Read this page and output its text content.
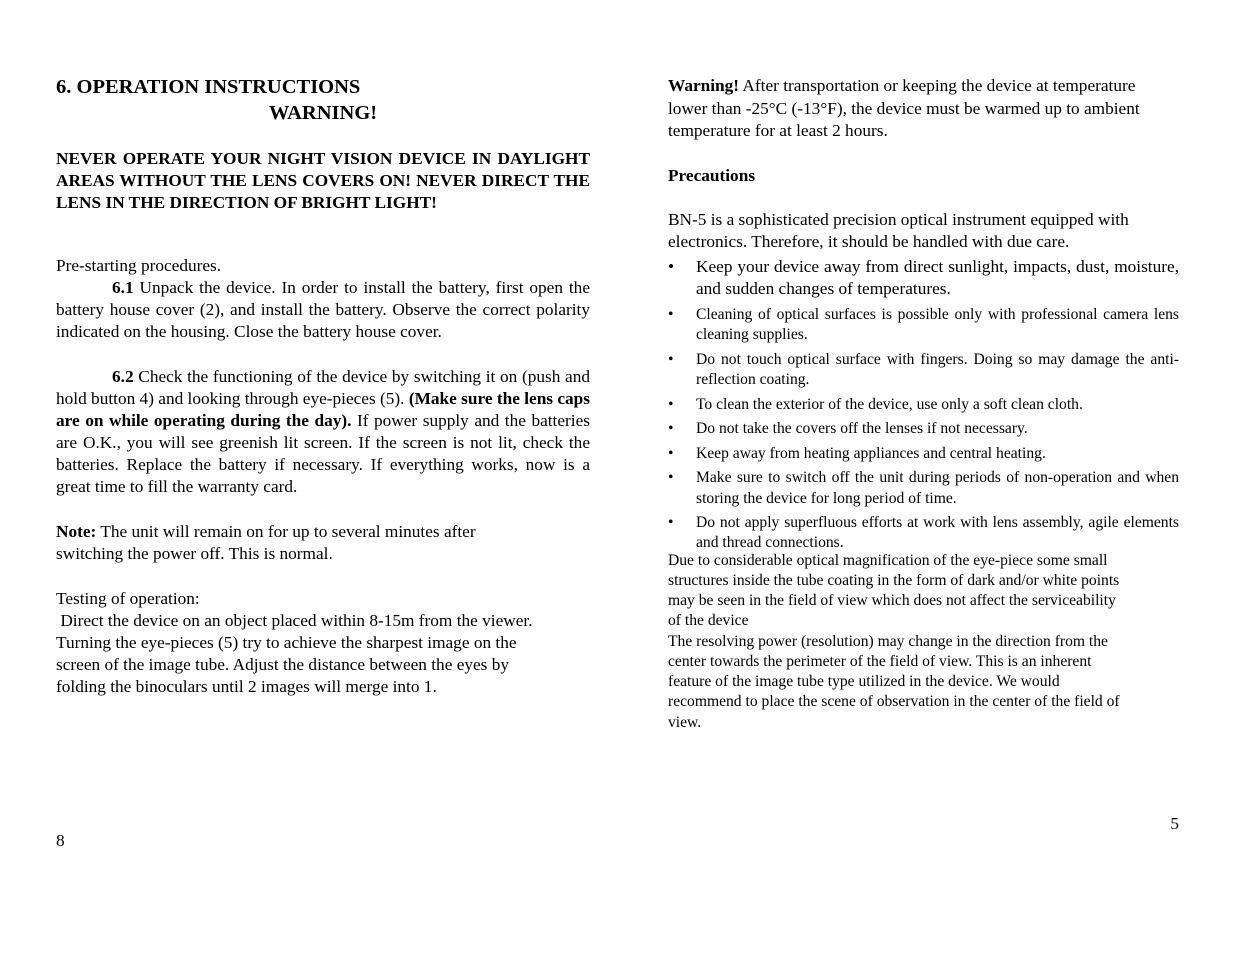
6. OPERATION INSTRUCTIONS
WARNING!

NEVER OPERATE YOUR NIGHT VISION DEVICE IN DAYLIGHT AREAS WITHOUT THE LENS COVERS ON! NEVER DIRECT THE LENS IN THE DIRECTION OF BRIGHT LIGHT!

Pre-starting procedures.

6.1 Unpack the device. In order to install the battery, first open the battery house cover (2), and install the battery. Observe the correct polarity indicated on the housing. Close the battery house cover.

6.2 Check the functioning of the device by switching it on (push and hold button 4) and looking through eye-pieces (5). (Make sure the lens caps are on while operating during the day). If power supply and the batteries are O.K., you will see greenish lit screen. If the screen is not lit, check the batteries. Replace the battery if necessary. If everything works, now is a great time to fill the warranty card.

Note: The unit will remain on for up to several minutes after

switching the power off. This is normal.

Testing of operation:

Direct the device on an object placed within 8-15m from the viewer.

Turning the eye-pieces (5) try to achieve the sharpest image on the

screen of the image tube. Adjust the distance between the eyes by

folding the binoculars until 2 images will merge into 1.

8

Warning! After transportation or keeping the device at temperature

lower than -25°C (-13°F), the device must be warmed up to ambient

temperature for at least 2 hours.

Precautions

BN-5 is a sophisticated precision optical instrument equipped with

electronics. Therefore, it should be handled with due care.

• Keep your device away from direct sunlight, impacts, dust, moisture, and sudden changes of temperatures.
• Cleaning of optical surfaces is possible only with professional camera lens cleaning supplies.
• Do not touch optical surface with fingers. Doing so may damage the anti-reflection coating.
• To clean the exterior of the device, use only a soft clean cloth.
• Do not take the covers off the lenses if not necessary.
• Keep away from heating appliances and central heating.
• Make sure to switch off the unit during periods of non-operation and when storing the device for long period of time.
• Do not apply superfluous efforts at work with lens assembly, agile elements and thread connections.

Due to considerable optical magnification of the eye-piece some small

structures inside the tube coating in the form of dark and/or white points

may be seen in the field of view which does not affect the serviceability

of the device

The resolving power (resolution) may change in the direction from the

center towards the perimeter of the field of view. This is an inherent

feature of the image tube type utilized in the device. We would

recommend to place the scene of observation in the center of the field of

view.

5
